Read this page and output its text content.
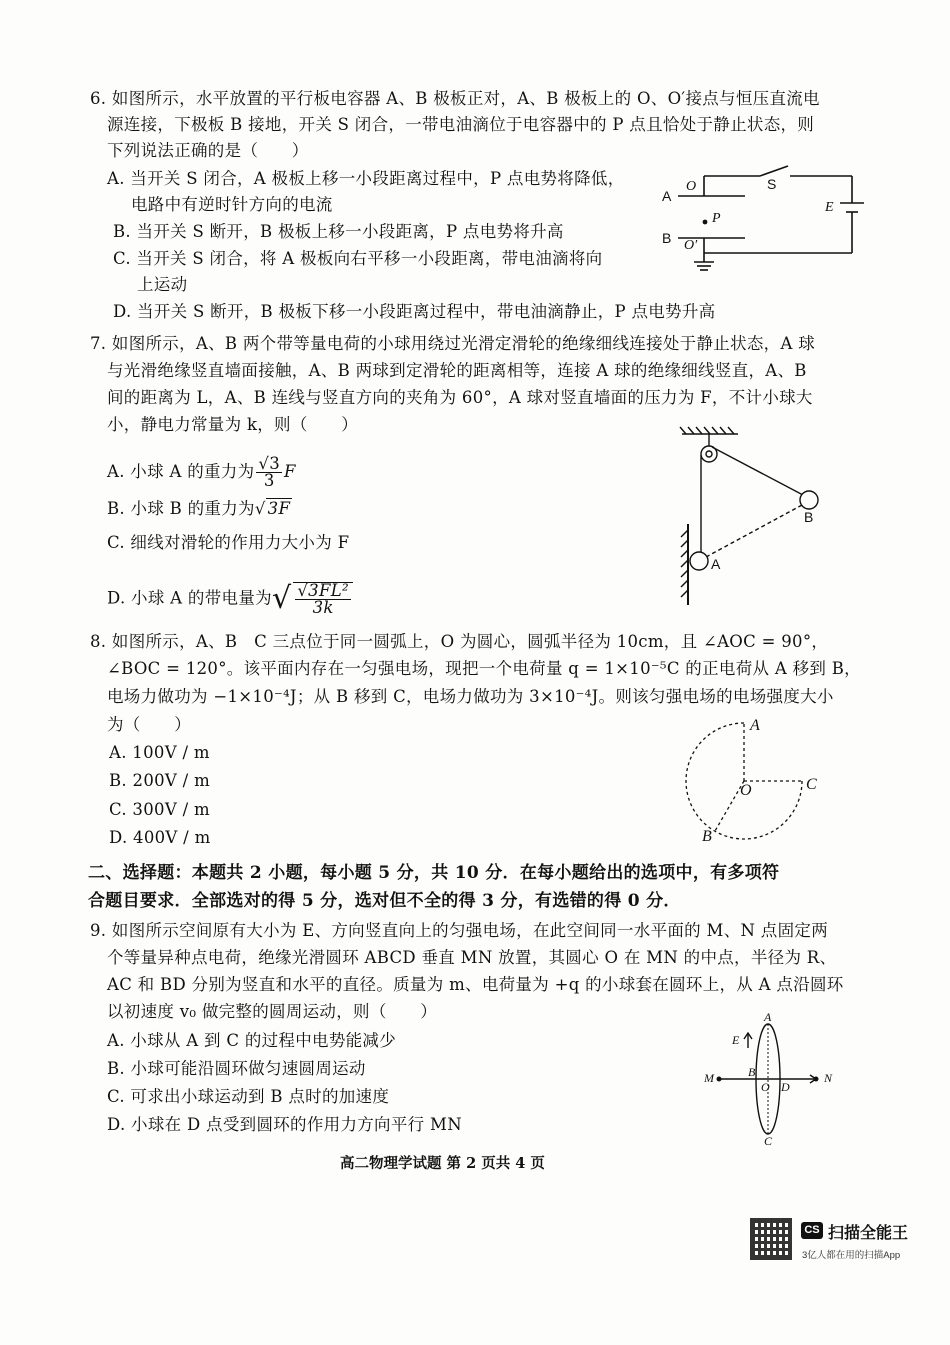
6. 如图所示，水平放置的平行板电容器 A、B 极板正对，A、B 极板上的 O、O′接点与恒压直流电
源连接，下极板 B 接地，开关 S 闭合，一带电油滴位于电容器中的 P 点且恰处于静止状态，则
下列说法正确的是（　　）
A. 当开关 S 闭合，A 极板上移一小段距离过程中，P 点电势将降低，
电路中有逆时针方向的电流
B. 当开关 S 断开，B 极板上移一小段距离，P 点电势将升高
C. 当开关 S 闭合，将 A 极板向右平移一小段距离，带电油滴将向
上运动
D. 当开关 S 断开，B 极板下移一小段距离过程中，带电油滴静止，P 点电势升高
A
O	S
E
P
B O′
7. 如图所示，A、B 两个带等量电荷的小球用绕过光滑定滑轮的绝缘细线连接处于静止状态，A 球
与光滑绝缘竖直墙面接触，A、B 两球到定滑轮的距离相等，连接 A 球的绝缘细线竖直，A、B
间的距离为 L，A、B 连线与竖直方向的夹角为 60°，A 球对竖直墙面的压力为 F，不计小球大
小，静电力常量为 k，则（　　）
A. 小球 A 的重力为 $\frac{√3}{3}$ F
B. 小球 B 的重力为√ 3F
C. 细线对滑轮的作用力大小为 F
D. 小球 A 的带电量为√ $\frac{\text{√3FL²}}{3k}$
A
B
8. 如图所示，A、B　C 三点位于同一圆弧上，O 为圆心，圆弧半径为 10cm，且 ∠AOC = 90°，
∠BOC = 120°。该平面内存在一匀强电场，现把一个电荷量 q = 1×10⁻⁵C 的正电荷从 A 移到 B，
电场力做功为 −1×10⁻⁴J；从 B 移到 C，电场力做功为 3×10⁻⁴J。则该匀强电场的电场强度大小
为（　　）
A. 100V / m
B. 200V / m
C. 300V / m
D. 400V / m
A
C
O
B
二、选择题：本题共 2 小题，每小题 5 分，共 10 分．在每小题给出的选项中，有多项符
合题目要求．全部选对的得 5 分，选对但不全的得 3 分，有选错的得 0 分．
9. 如图所示空间原有大小为 E、方向竖直向上的匀强电场，在此空间同一水平面的 M、N 点固定两
个等量异种点电荷，绝缘光滑圆环 ABCD 垂直 MN 放置，其圆心 O 在 MN 的中点，半径为 R、
AC 和 BD 分别为竖直和水平的直径。质量为 m、电荷量为 +q 的小球套在圆环上，从 A 点沿圆环
以初速度 v₀ 做完整的圆周运动，则（　　）
A. 小球从 A 到 C 的过程中电势能减少
B. 小球可能沿圆环做匀速圆周运动
C. 可求出小球运动到 B 点时的加速度
D. 小球在 D 点受到圆环的作用力方向平行 MN
E
A
M	B
O D
N
C
高二物理学试题 第 2 页共 4 页
CS 扫描全能王
3亿人都在用的扫描App
